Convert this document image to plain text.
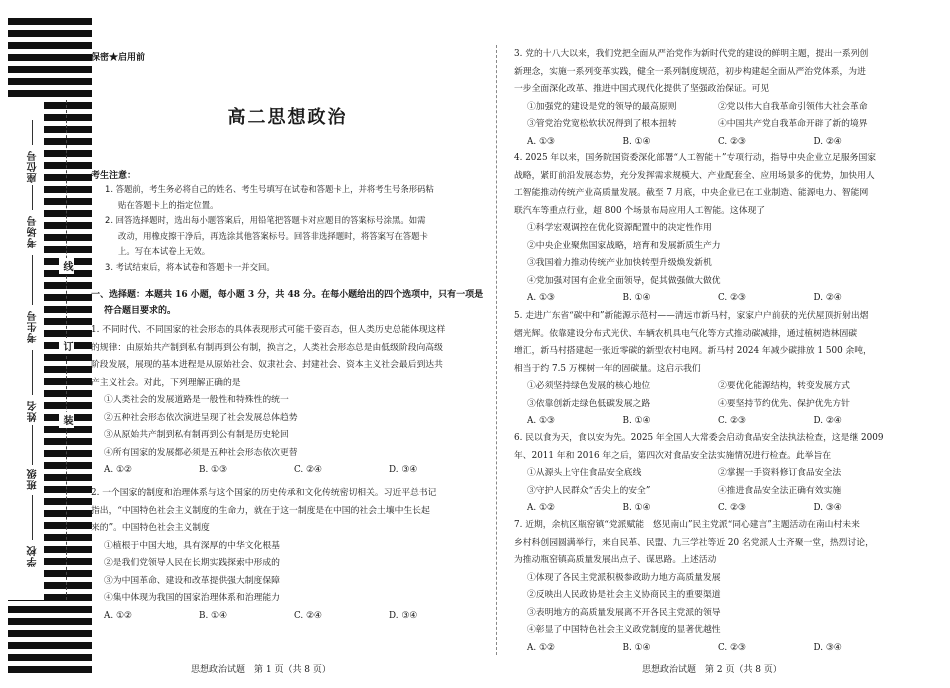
座位号
考场号
考生号
姓名
班级
学校
线
订
装
保密★启用前
高二思想政治
考生注意：

1. 答题前，考生务必将自己的姓名、考生号填写在试卷和答题卡上，并将考生号条形码粘

贴在答题卡上的指定位置。

2. 回答选择题时，选出每小题答案后，用铅笔把答题卡对应题目的答案标号涂黑。如需

改动，用橡皮擦干净后，再选涂其他答案标号。回答非选择题时，将答案写在答题卡

上。写在本试卷上无效。

3. 考试结束后，将本试卷和答题卡一并交回。

一、选择题：本题共 16 小题，每小题 3 分，共 48 分。在每小题给出的四个选项中，只有一项是
符合题目要求的。

1. 不同时代、不同国家的社会形态的具体表现形式可能千姿百态，但人类历史总能体现这样

的规律：由原始共产制到私有制再到公有制，换言之，人类社会形态总是由低级阶段向高级

阶段发展，展现的基本进程是从原始社会、奴隶社会、封建社会、资本主义社会最后到达共

产主义社会。对此，下列理解正确的是

①人类社会的发展道路是一般性和特殊性的统一

②五种社会形态依次演进呈现了社会发展总体趋势

③从原始共产制到私有制再到公有制是历史轮回

④所有国家的发展都必须是五种社会形态依次更替

A. ①②	B. ①③	C. ②④	D. ③④

2. 一个国家的制度和治理体系与这个国家的历史传承和文化传统密切相关。习近平总书记

指出，“中国特色社会主义制度的生命力，就在于这一制度是在中国的社会土壤中生长起

来的”。中国特色社会主义制度

①植根于中国大地，具有深厚的中华文化根基

②是我们党领导人民在长期实践探索中形成的

③为中国革命、建设和改革提供强大制度保障

④集中体现为我国的国家治理体系和治理能力

A. ①②	B. ①④	C. ②④	D. ③④
思想政治试题　第 1 页（共 8 页）

3. 党的十八大以来，我们党把全面从严治党作为新时代党的建设的鲜明主题，提出一系列创

新理念，实施一系列变革实践，健全一系列制度规范，初步构建起全面从严治党体系，为进

一步全面深化改革、推进中国式现代化提供了坚强政治保证。可见

①加强党的建设是党的领导的最高原则	②党以伟大自我革命引领伟大社会革命
③管党治党宽松软状况得到了根本扭转	④中国共产党自我革命开辟了新的境界
A. ①③	B. ①④	C. ②③	D. ②④

4. 2025 年以来，国务院国资委深化部署“人工智能＋”专项行动，指导中央企业立足服务国家

战略，紧盯前沿发展态势，充分发挥需求规模大、产业配套全、应用场景多的优势，加快用人

工智能推动传统产业高质量发展。截至 7 月底，中央企业已在工业制造、能源电力、智能网

联汽车等重点行业，超 800 个场景布局应用人工智能。这体现了

①科学宏观调控在优化资源配置中的决定性作用

②中央企业聚焦国家战略，培育和发展新质生产力

③我国着力推动传统产业加快转型升级焕发新机

④党加强对国有企业全面领导，促其做强做大做优

A. ①③	B. ①④	C. ②③	D. ②④

5. 走进广东省“碳中和”新能源示范村——清远市新马村，家家户户前获的光伏屋顶折射出熠

熠光辉。依靠建设分布式光伏、车辆农机具电气化等方式推动碳减排，通过植树造林固碳

增汇，新马村搭建起一张近零碳的新型农村电网。新马村 2024 年减少碳排放 1 500 余吨，

相当于约 7.5 万棵树一年的固碳量。这启示我们

①必须坚持绿色发展的核心地位	②要优化能源结构，转变发展方式
③依靠创新走绿色低碳发展之路	④要坚持节约优先、保护优先方针
A. ①③	B. ①④	C. ②③	D. ②④

6. 民以食为天，食以安为先。2025 年全国人大常委会启动食品安全法执法检查，这是继 2009

年、2011 年和 2016 年之后，第四次对食品安全法实施情况进行检查。此举旨在

①从源头上守住食品安全底线	②掌握一手资料修订食品安全法
③守护人民群众“舌尖上的安全”	④推进食品安全法正确有效实施
A. ①②	B. ①④	C. ②③	D. ③④

7. 近期，余杭区瓶窑镇“党派赋能　悠见南山”民主党派“同心建言”主题活动在南山村未来

乡村科创园圆满举行，来自民革、民盟、九三学社等近 20 名党派人士齐聚一堂，热烈讨论，

为推动瓶窑镇高质量发展出点子、谋思路。上述活动

①体现了各民主党派积极参政助力地方高质量发展

②反映出人民政协是社会主义协商民主的重要渠道

③表明地方的高质量发展离不开各民主党派的领导

④彰显了中国特色社会主义政党制度的显著优越性

A. ①②	B. ①④	C. ②③	D. ③④
思想政治试题　第 2 页（共 8 页）
